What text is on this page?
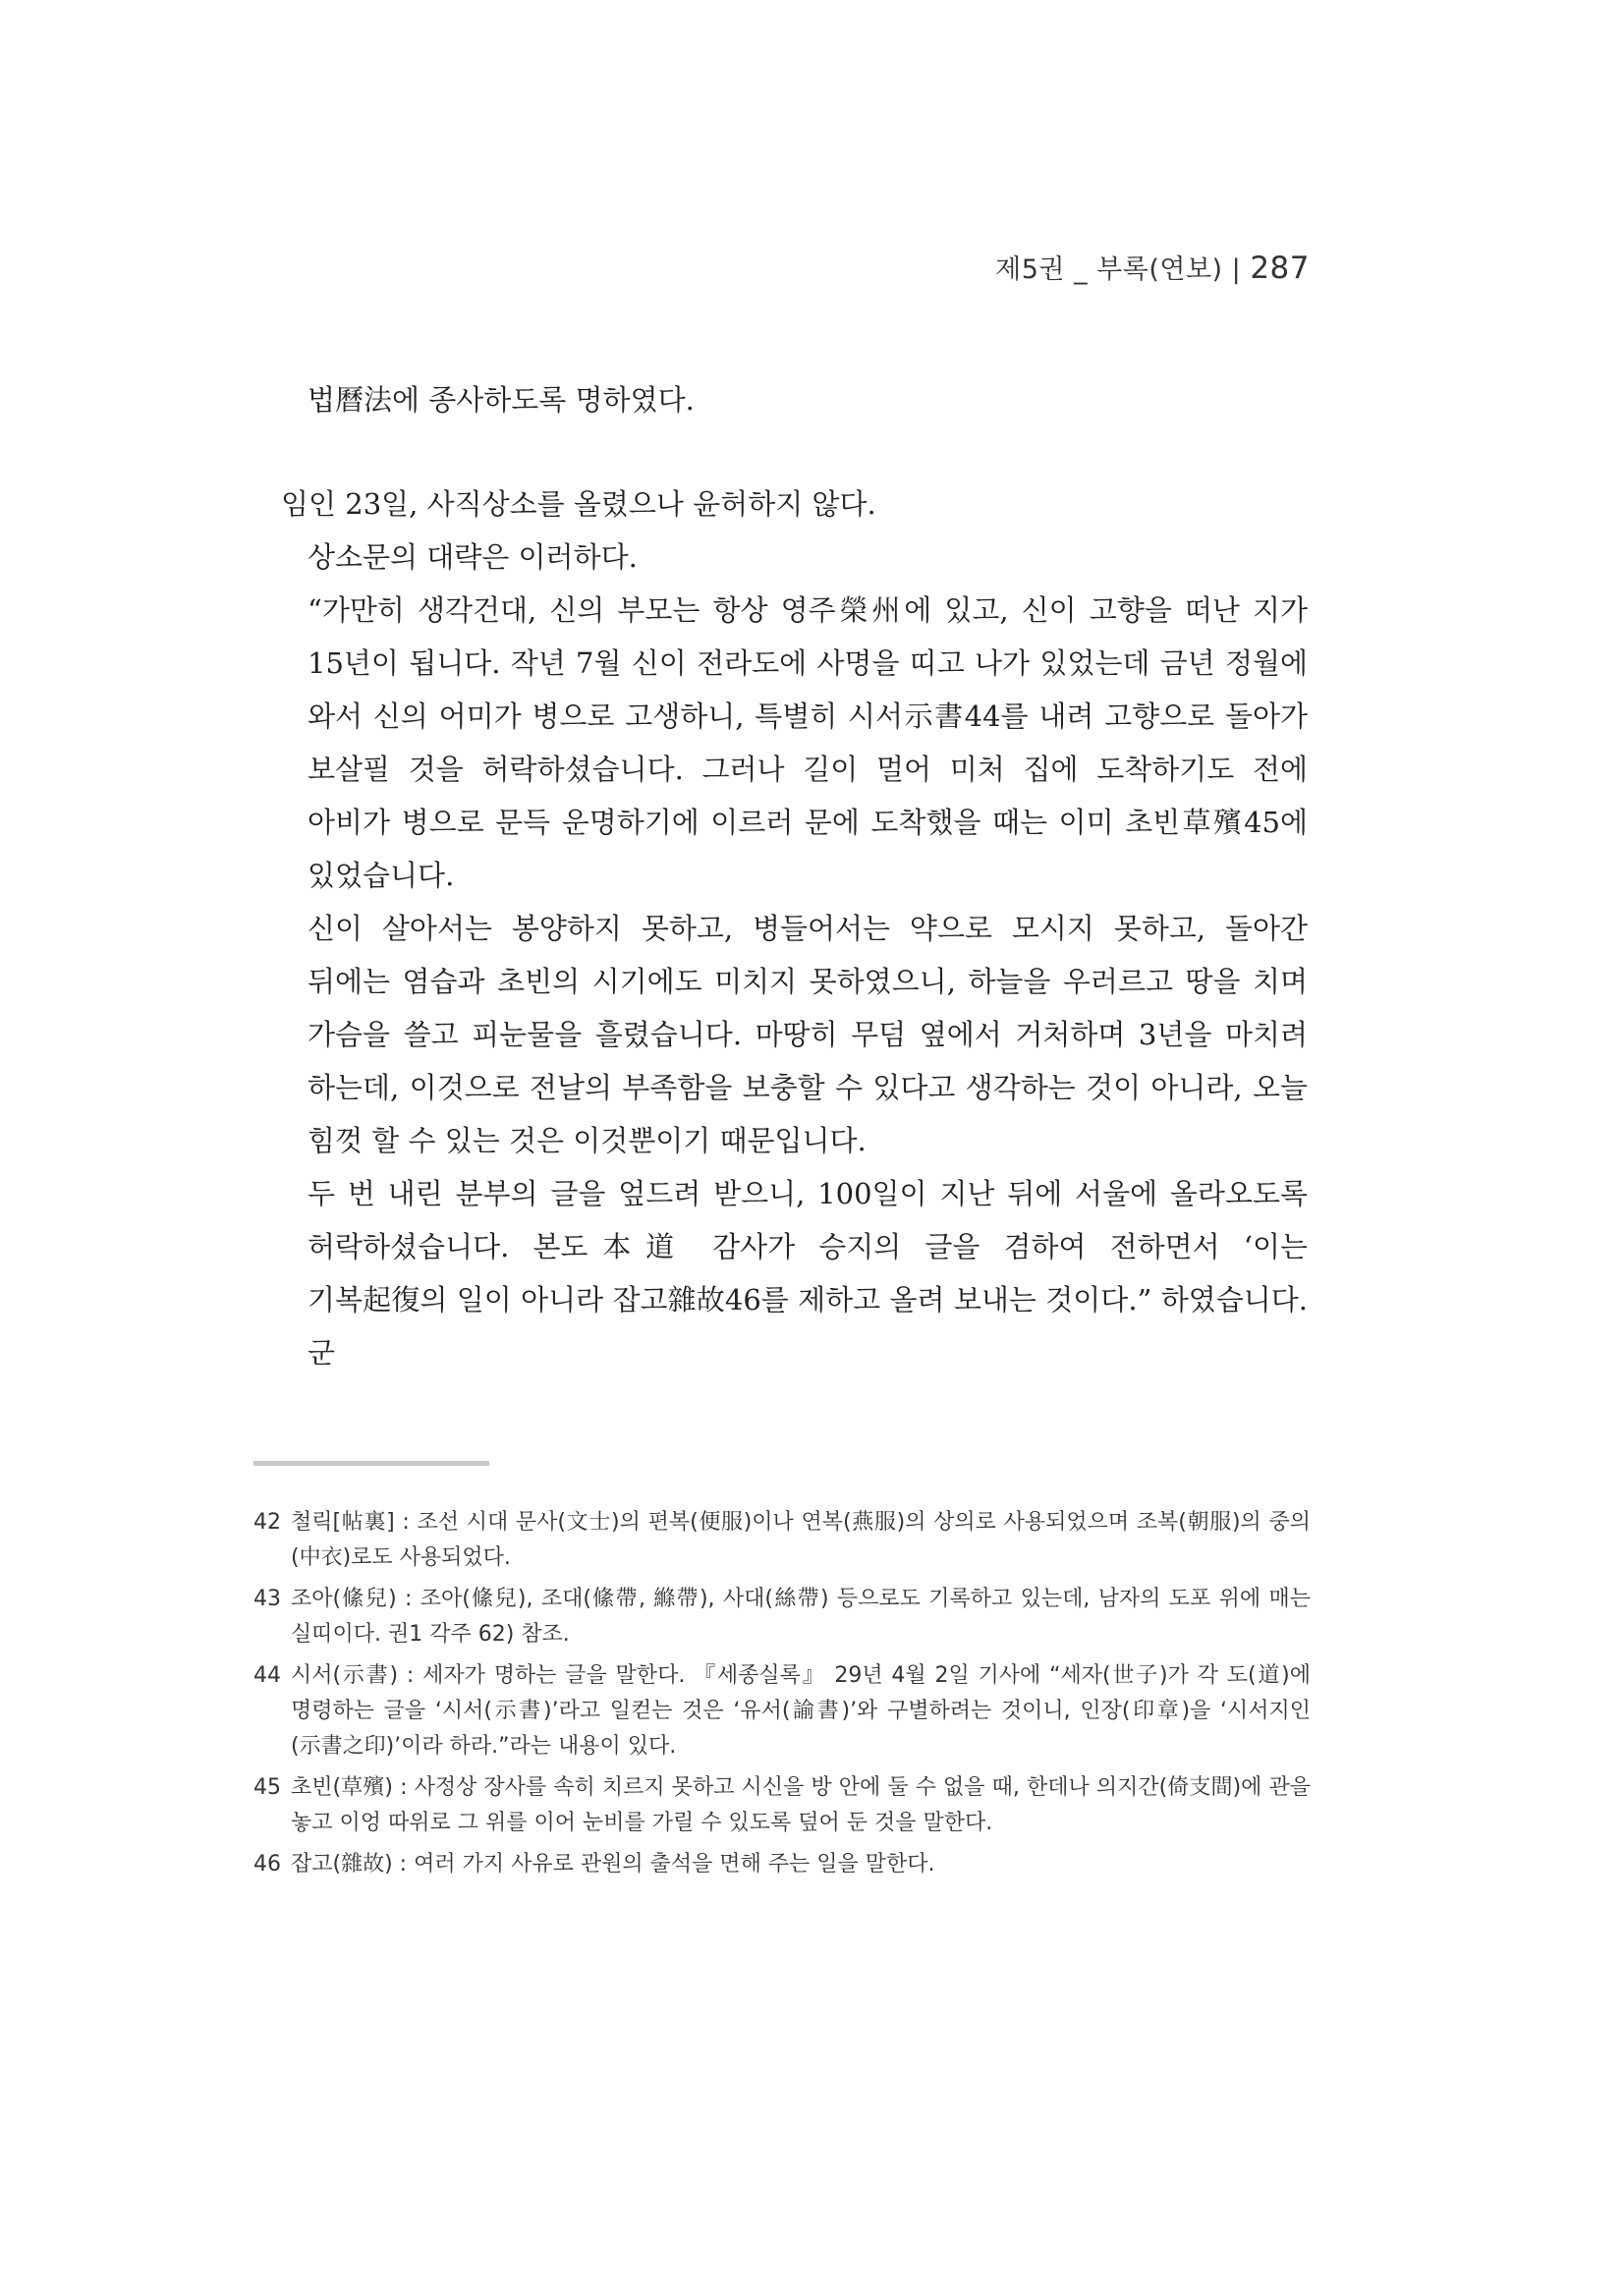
제5권 _ 부록(연보) | 287

법曆法에 종사하도록 명하였다.

임인 23일, 사직상소를 올렸으나 윤허하지 않다.

상소문의 대략은 이러하다.

“가만히 생각건대, 신의 부모는 항상 영주榮州에 있고, 신이 고향을 떠난 지가 15년이 됩니다. 작년 7월 신이 전라도에 사명을 띠고 나가 있었는데 금년 정월에 와서 신의 어미가 병으로 고생하니, 특별히 시서示書44를 내려 고향으로 돌아가 보살필 것을 허락하셨습니다. 그러나 길이 멀어 미처 집에 도착하기도 전에 아비가 병으로 문득 운명하기에 이르러 문에 도착했을 때는 이미 초빈草殯45에 있었습니다.

신이 살아서는 봉양하지 못하고, 병들어서는 약으로 모시지 못하고, 돌아간 뒤에는 염습과 초빈의 시기에도 미치지 못하였으니, 하늘을 우러르고 땅을 치며 가슴을 쓸고 피눈물을 흘렸습니다. 마땅히 무덤 옆에서 거처하며 3년을 마치려 하는데, 이것으로 전날의 부족함을 보충할 수 있다고 생각하는 것이 아니라, 오늘 힘껏 할 수 있는 것은 이것뿐이기 때문입니다.

두 번 내린 분부의 글을 엎드려 받으니, 100일이 지난 뒤에 서울에 올라오도록 허락하셨습니다. 본도本道 감사가 승지의 글을 겸하여 전하면서 ‘이는 기복起復의 일이 아니라 잡고雜故46를 제하고 올려 보내는 것이다.” 하였습니다. 군

42 철릭[帖裏] : 조선 시대 문사(文士)의 편복(便服)이나 연복(燕服)의 상의로 사용되었으며 조복(朝服)의 중의(中衣)로도 사용되었다.
43 조아(絛兒) : 조아(絛兒), 조대(絛帶, 縧帶), 사대(絲帶) 등으로도 기록하고 있는데, 남자의 도포 위에 매는 실띠이다. 권1 각주 62) 참조.
44 시서(示書) : 세자가 명하는 글을 말한다. 『세종실록』 29년 4월 2일 기사에 “세자(世子)가 각 도(道)에 명령하는 글을 ‘시서(示書)’라고 일컫는 것은 ‘유서(諭書)’와 구별하려는 것이니, 인장(印章)을 ‘시서지인(示書之印)’이라 하라.”라는 내용이 있다.
45 초빈(草殯) : 사정상 장사를 속히 치르지 못하고 시신을 방 안에 둘 수 없을 때, 한데나 의지간(倚支間)에 관을 놓고 이엉 따위로 그 위를 이어 눈비를 가릴 수 있도록 덮어 둔 것을 말한다.
46 잡고(雜故) : 여러 가지 사유로 관원의 출석을 면해 주는 일을 말한다.
